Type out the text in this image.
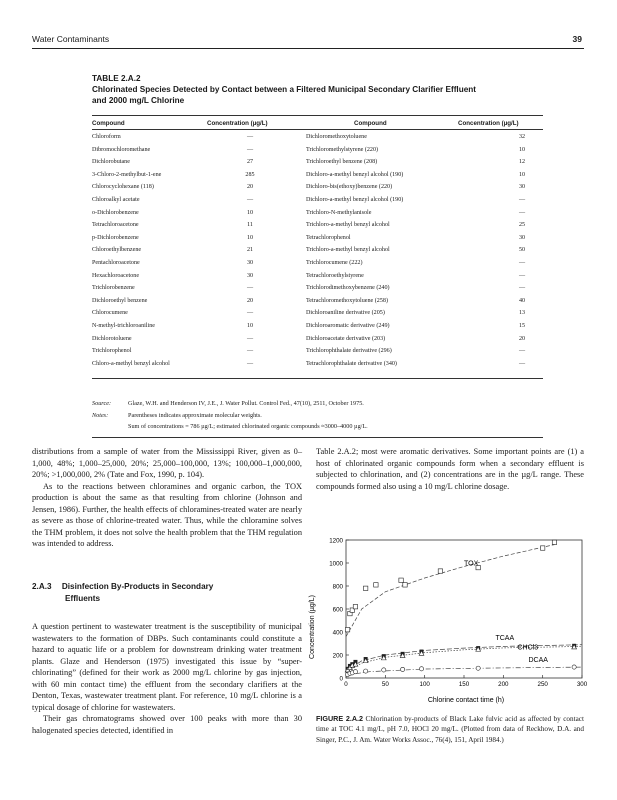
Water Contaminants	39
TABLE 2.A.2
Chlorinated Species Detected by Contact between a Filtered Municipal Secondary Clarifier Effluent
and 2000 mg/L Chlorine
Compound	Concentration (µg/L)	Compound	Concentration (µg/L)
Chloroform	—	Dichloromethoxytoluene	32
Dibromochloromethane	—	Trichloromethylstyrene (220)	10
Dichlorobutane	27	Trichloroethyl benzene (208)	12
3-Chloro-2-methylbut-1-ene	285	Dichloro-a-methyl benzyl alcohol (190)	10
Chlorocyclohexane (118)	20	Dichloro-bis(ethoxy)benzene (220)	30
Chloroalkyl acetate	—	Dichloro-a-methyl benzyl alcohol (190)	—
o-Dichlorobenzene	10	Trichloro-N-methylanisole	—
Tetrachloroacetone	11	Trichloro-a-methyl benzyl alcohol	25
p-Dichlorobenzene	10	Tetrachlorophenol	30
Chloroethylbenzene	21	Trichloro-a-methyl benzyl alcohol	50
Pentachloroacetone	30	Trichlorocumene (222)	—
Hexachloroacetone	30	Tetrachloroethylstyrene	—
Trichlorobenzene	—	Trichlorodimethoxybenzene (240)	—
Dichloroethyl benzene	20	Tetrachloromethoxytoluene (258)	40
Chlorocumene	—	Dichloroaniline derivative (205)	13
N-methyl-trichloroaniline	10	Dichloroaromatic derivative (249)	15
Dichlorotoluene	—	Dichloroacetate derivative (203)	20
Trichlorophenol	—	Trichlorophthalate derivative (296)	—
Chloro-a-methyl benzyl alcohol	—	Tetrachlorophthalate derivative (340)	—
Source:	Glaze, W.H. and Henderson IV, J.E., J. Water Pollut. Control Fed., 47(10), 2511, October 1975.
Notes:	Parentheses indicates approximate molecular weights.
Sum of concentrations = 786 µg/L; estimated chlorinated organic compounds ≈3000–4000 µg/L.

distributions from a sample of water from the Mississippi River, given as 0–1,000, 48%; 1,000–25,000, 20%; 25,000–100,000, 13%; 100,000–1,000,000, 20%; >1,000,000, 2% (Tate and Fox, 1990, p. 104).

As to the reactions between chloramines and organic carbon, the TOX production is about the same as that resulting from chlorine (Johnson and Jensen, 1986). Further, the health effects of chloramines-treated water are nearly as severe as those of chlorine-treated water. Thus, while the chloramine solves the THM problem, it does not solve the health problem that the THM regulation was intended to address.

2.A.3 Disinfection By-Products in Secondary
Effluents

A question pertinent to wastewater treatment is the susceptibility of municipal wastewaters to the formation of DBPs. Such contaminants could constitute a hazard to aquatic life or a problem for downstream drinking water treatment plants. Glaze and Henderson (1975) investigated this issue by “super-chlorinating” (defined for their work as 2000 mg/L chlorine by gas injection, with 60 min contact time) the effluent from the secondary clarifiers at the Denton, Texas, wastewater treatment plant. For reference, 10 mg/L chlorine is a typical dosage of chlorine for wastewaters.

Their gas chromatograms showed over 100 peaks with more than 30 halogenated species detected, identified in

Table 2.A.2; most were aromatic derivatives. Some important points are (1) a host of chlorinated organic compounds form when a secondary effluent is subjected to chlorination, and (2) concentrations are in the µg/L range. These compounds formed also using a 10 mg/L chlorine dosage.

Concentration (µg/L)
Chlorine contact time (h)
0
200
400
600
800
1000
1200
0	50	100	150	200	250	300
TOX
TCAA
CHCl3
DCAA
FIGURE 2.A.2 Chlorination by-products of Black Lake fulvic acid as affected by contact time at TOC 4.1 mg/L, pH 7.0, HOCl 20 mg/L. (Plotted from data of Reckhow, D.A. and Singer, P.C., J. Am. Water Works Assoc., 76(4), 151, April 1984.)
